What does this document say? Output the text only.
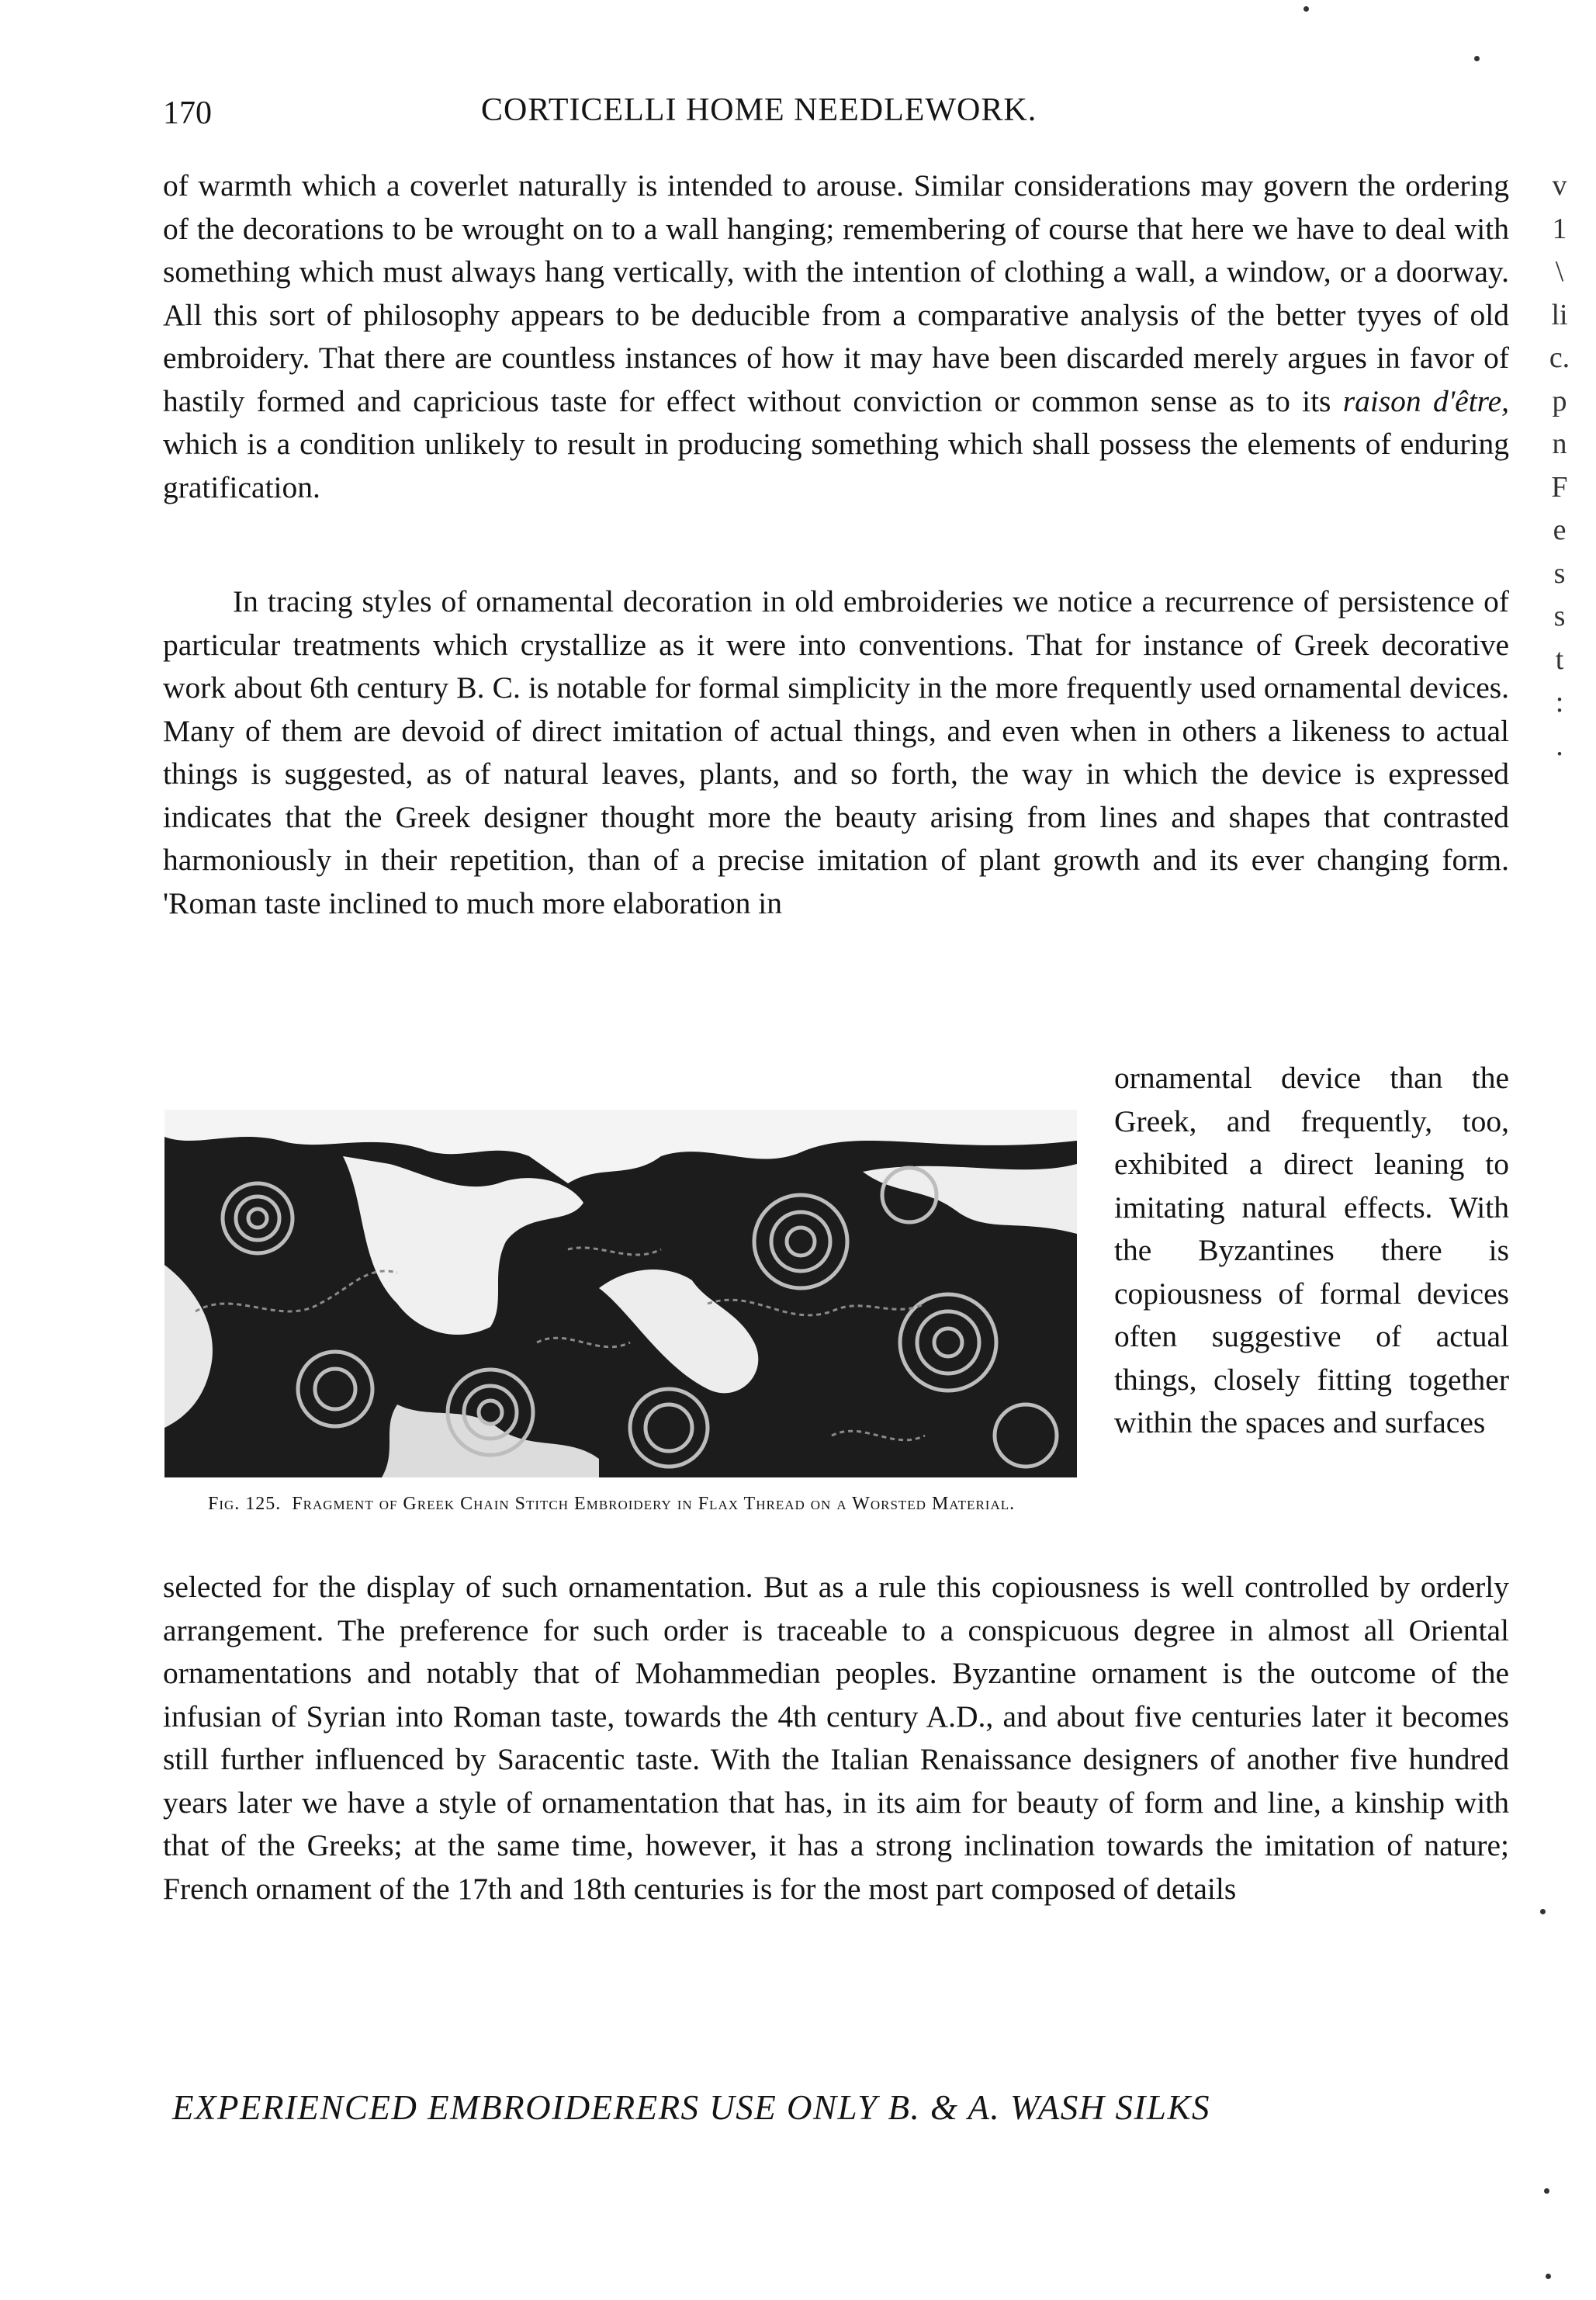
170	CORTICELLI HOME NEEDLEWORK.

of warmth which a coverlet naturally is intended to arouse. Similar considerations may govern the ordering of the decorations to be wrought on to a wall hanging; remembering of course that here we have to deal with something which must always hang vertically, with the intention of clothing a wall, a window, or a doorway. All this sort of philosophy appears to be deducible from a comparative analysis of the better tyyes of old embroidery. That there are countless instances of how it may have been discarded merely argues in favor of hastily formed and capricious taste for effect without conviction or common sense as to its raison d'être, which is a condition unlikely to result in producing something which shall possess the elements of enduring gratification.

In tracing styles of ornamental decoration in old embroideries we notice a recurrence of persistence of particular treatments which crystallize as it were into conventions. That for instance of Greek decorative work about 6th century B. C. is notable for formal simplicity in the more frequently used ornamental devices. Many of them are devoid of direct imitation of actual things, and even when in others a likeness to actual things is suggested, as of natural leaves, plants, and so forth, the way in which the device is expressed indicates that the Greek designer thought more the beauty arising from lines and shapes that contrasted harmoniously in their repetition, than of a precise imitation of plant growth and its ever changing form. 'Roman taste inclined to much more elaboration in

ornamental device than the Greek, and frequently, too, exhibited a direct leaning to imitating natural effects. With the Byzantines there is copiousness of formal devices often suggestive of actual things, closely fitting together within the spaces and surfaces

Fig. 125. Fragment of Greek Chain Stitch Embroidery in Flax Thread on a Worsted Material.

selected for the display of such ornamentation. But as a rule this copiousness is well controlled by orderly arrangement. The preference for such order is traceable to a conspicuous degree in almost all Oriental ornamentations and notably that of Mohammedian peoples. Byzantine ornament is the outcome of the infusian of Syrian into Roman taste, towards the 4th century A.D., and about five centuries later it becomes still further influenced by Saracentic taste. With the Italian Renaissance designers of another five hundred years later we have a style of ornamentation that has, in its aim for beauty of form and line, a kinship with that of the Greeks; at the same time, however, it has a strong inclination towards the imitation of nature; French ornament of the 17th and 18th centuries is for the most part composed of details

EXPERIENCED EMBROIDERERS USE ONLY B. & A. WASH SILKS
v
1
\
li
c.
p
n
F
e
s
s
t
:
.
